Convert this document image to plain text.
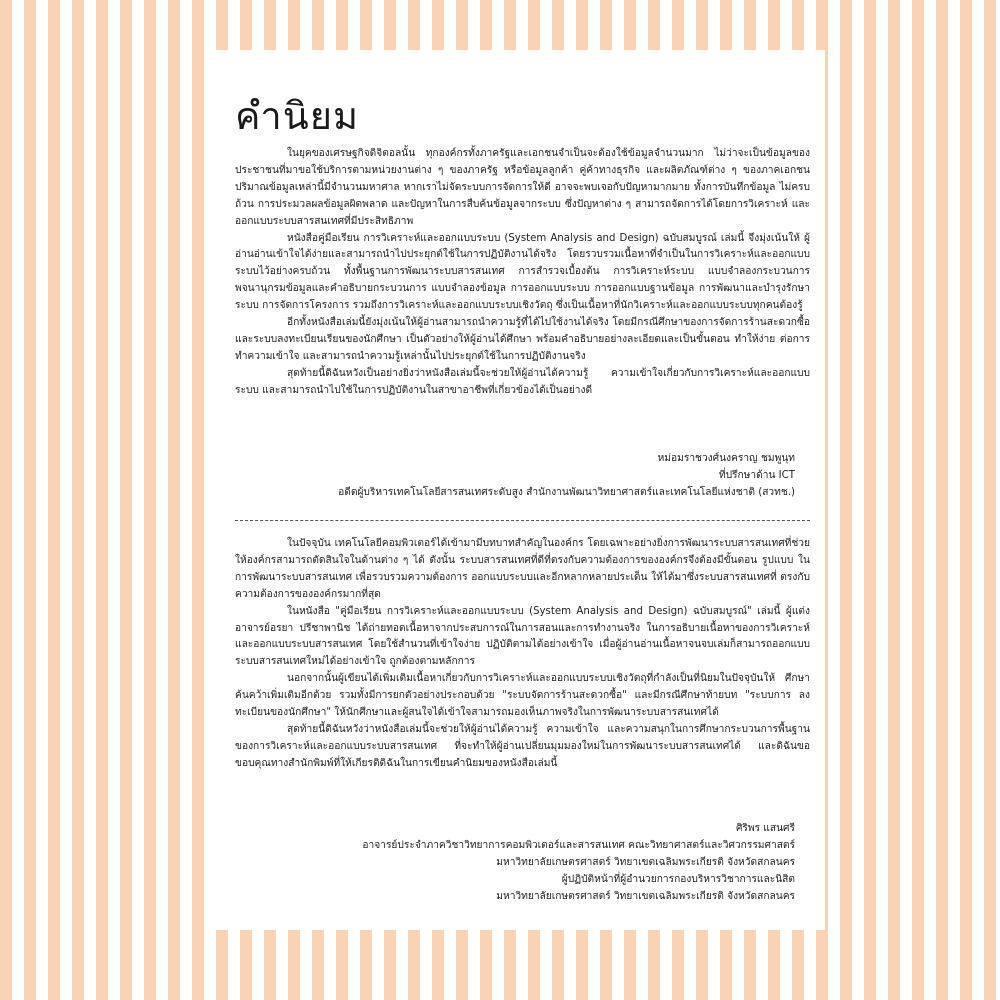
คำนิยม

ในยุคของเศรษฐกิจดิจิตอลนั้น ทุกองค์กรทั้งภาครัฐและเอกชนจำเป็นจะต้องใช้ข้อมูลจำนวนมาก ไม่ว่าจะเป็นข้อมูลของ ประชาชนที่มาขอใช้บริการตามหน่วยงานต่าง ๆ ของภาครัฐ หรือข้อมูลลูกค้า คู่ค้าทางธุรกิจ และผลิตภัณฑ์ต่าง ๆ ของภาคเอกชน ปริมาณข้อมูลเหล่านี้มีจำนวนมหาศาล หากเราไม่จัดระบบการจัดการให้ดี อาจจะพบเจอกับปัญหามากมาย ทั้งการบันทึกข้อมูล ไม่ครบถ้วน การประมวลผลข้อมูลผิดพลาด และปัญหาในการสืบค้นข้อมูลจากระบบ ซึ่งปัญหาต่าง ๆ สามารถจัดการได้โดยการวิเคราะห์ และออกแบบระบบสารสนเทศที่มีประสิทธิภาพ

หนังสือคู่มือเรียน การวิเคราะห์และออกแบบระบบ (System Analysis and Design) ฉบับสมบูรณ์ เล่มนี้ จึงมุ่งเน้นให้ ผู้อ่านอ่านเข้าใจได้ง่ายและสามารถนำไปประยุกต์ใช้ในการปฏิบัติงานได้จริง โดยรวบรวมเนื้อหาที่จำเป็นในการวิเคราะห์และออกแบบ ระบบไว้อย่างครบถ้วน ทั้งพื้นฐานการพัฒนาระบบสารสนเทศ การสำรวจเบื้องต้น การวิเคราะห์ระบบ แบบจำลองกระบวนการ พจนานุกรมข้อมูลและคำอธิบายกระบวนการ แบบจำลองข้อมูล การออกแบบระบบ การออกแบบฐานข้อมูล การพัฒนาและบำรุงรักษา ระบบ การจัดการโครงการ รวมถึงการวิเคราะห์และออกแบบระบบเชิงวัตถุ ซึ่งเป็นเนื้อหาที่นักวิเคราะห์และออกแบบระบบทุกคนต้องรู้

อีกทั้งหนังสือเล่มนี้ยังมุ่งเน้นให้ผู้อ่านสามารถนำความรู้ที่ได้ไปใช้งานได้จริง โดยมีกรณีศึกษาของการจัดการร้านสะดวกซื้อ และระบบลงทะเบียนเรียนของนักศึกษา เป็นตัวอย่างให้ผู้อ่านได้ศึกษา พร้อมคำอธิบายอย่างละเอียดและเป็นขั้นตอน ทำให้ง่าย ต่อการทำความเข้าใจ และสามารถนำความรู้เหล่านั้นไปประยุกต์ใช้ในการปฏิบัติงานจริง

สุดท้ายนี้ดิฉันหวังเป็นอย่างยิ่งว่าหนังสือเล่มนี้จะช่วยให้ผู้อ่านได้ความรู้ ความเข้าใจเกี่ยวกับการวิเคราะห์และออกแบบ ระบบ และสามารถนำไปใช้ในการปฏิบัติงานในสาขาอาชีพที่เกี่ยวข้องได้เป็นอย่างดี

หม่อมราชวงศ์นงคราญ ชมพูนุท
ที่ปรึกษาด้าน ICT
อดีตผู้บริหารเทคโนโลยีสารสนเทศระดับสูง สำนักงานพัฒนาวิทยาศาสตร์และเทคโนโลยีแห่งชาติ (สวทช.)

ในปัจจุบัน เทคโนโลยีคอมพิวเตอร์ได้เข้ามามีบทบาทสำคัญในองค์กร โดยเฉพาะอย่างยิ่งการพัฒนาระบบสารสนเทศที่ช่วย ให้องค์กรสามารถตัดสินใจในด้านต่าง ๆ ได้ ดังนั้น ระบบสารสนเทศที่ดีที่ตรงกับความต้องการขององค์กรจึงต้องมีขั้นตอน รูปแบบ ในการพัฒนาระบบสารสนเทศ เพื่อรวบรวมความต้องการ ออกแบบระบบและอีกหลากหลายประเด็น ให้ได้มาซึ่งระบบสารสนเทศที่ ตรงกับความต้องการขององค์กรมากที่สุด

ในหนังสือ "คู่มือเรียน การวิเคราะห์และออกแบบระบบ (System Analysis and Design) ฉบับสมบูรณ์" เล่มนี้ ผู้แต่ง อาจารย์อรยา ปรีชาพานิช ได้ถ่ายทอดเนื้อหาจากประสบการณ์ในการสอนและการทำงานจริง ในการอธิบายเนื้อหาของการวิเคราะห์ และออกแบบระบบสารสนเทศ โดยใช้สำนวนที่เข้าใจง่าย ปฏิบัติตามได้อย่างเข้าใจ เมื่อผู้อ่านอ่านเนื้อหาจนจบเล่มก็สามารถออกแบบ ระบบสารสนเทศใหม่ได้อย่างเข้าใจ ถูกต้องตามหลักการ

นอกจากนั้นผู้เขียนได้เพิ่มเติมเนื้อหาเกี่ยวกับการวิเคราะห์และออกแบบระบบเชิงวัตถุที่กำลังเป็นที่นิยมในปัจจุบันให้ ศึกษาค้นคว้าเพิ่มเติมอีกด้วย รวมทั้งมีการยกตัวอย่างประกอบด้วย "ระบบจัดการร้านสะดวกซื้อ" และมีกรณีศึกษาท้ายบท "ระบบการ ลงทะเบียนของนักศึกษา" ให้นักศึกษาและผู้สนใจได้เข้าใจสามารถมองเห็นภาพจริงในการพัฒนาระบบสารสนเทศได้

สุดท้ายนี้ดิฉันหวังว่าหนังสือเล่มนี้จะช่วยให้ผู้อ่านได้ความรู้ ความเข้าใจ และความสนุกในการศึกษากระบวนการพื้นฐาน ของการวิเคราะห์และออกแบบระบบสารสนเทศ ที่จะทำให้ผู้อ่านเปลี่ยนมุมมองใหม่ในการพัฒนาระบบสารสนเทศได้ และดิฉันขอ ขอบคุณทางสำนักพิมพ์ที่ให้เกียรติดิฉันในการเขียนคำนิยมของหนังสือเล่มนี้

ศิริพร แสนศรี
อาจารย์ประจำภาควิชาวิทยาการคอมพิวเตอร์และสารสนเทศ คณะวิทยาศาสตร์และวิศวกรรมศาสตร์
มหาวิทยาลัยเกษตรศาสตร์ วิทยาเขตเฉลิมพระเกียรติ จังหวัดสกลนคร
ผู้ปฏิบัติหน้าที่ผู้อำนวยการกองบริหารวิชาการและนิสิต
มหาวิทยาลัยเกษตรศาสตร์ วิทยาเขตเฉลิมพระเกียรติ จังหวัดสกลนคร
